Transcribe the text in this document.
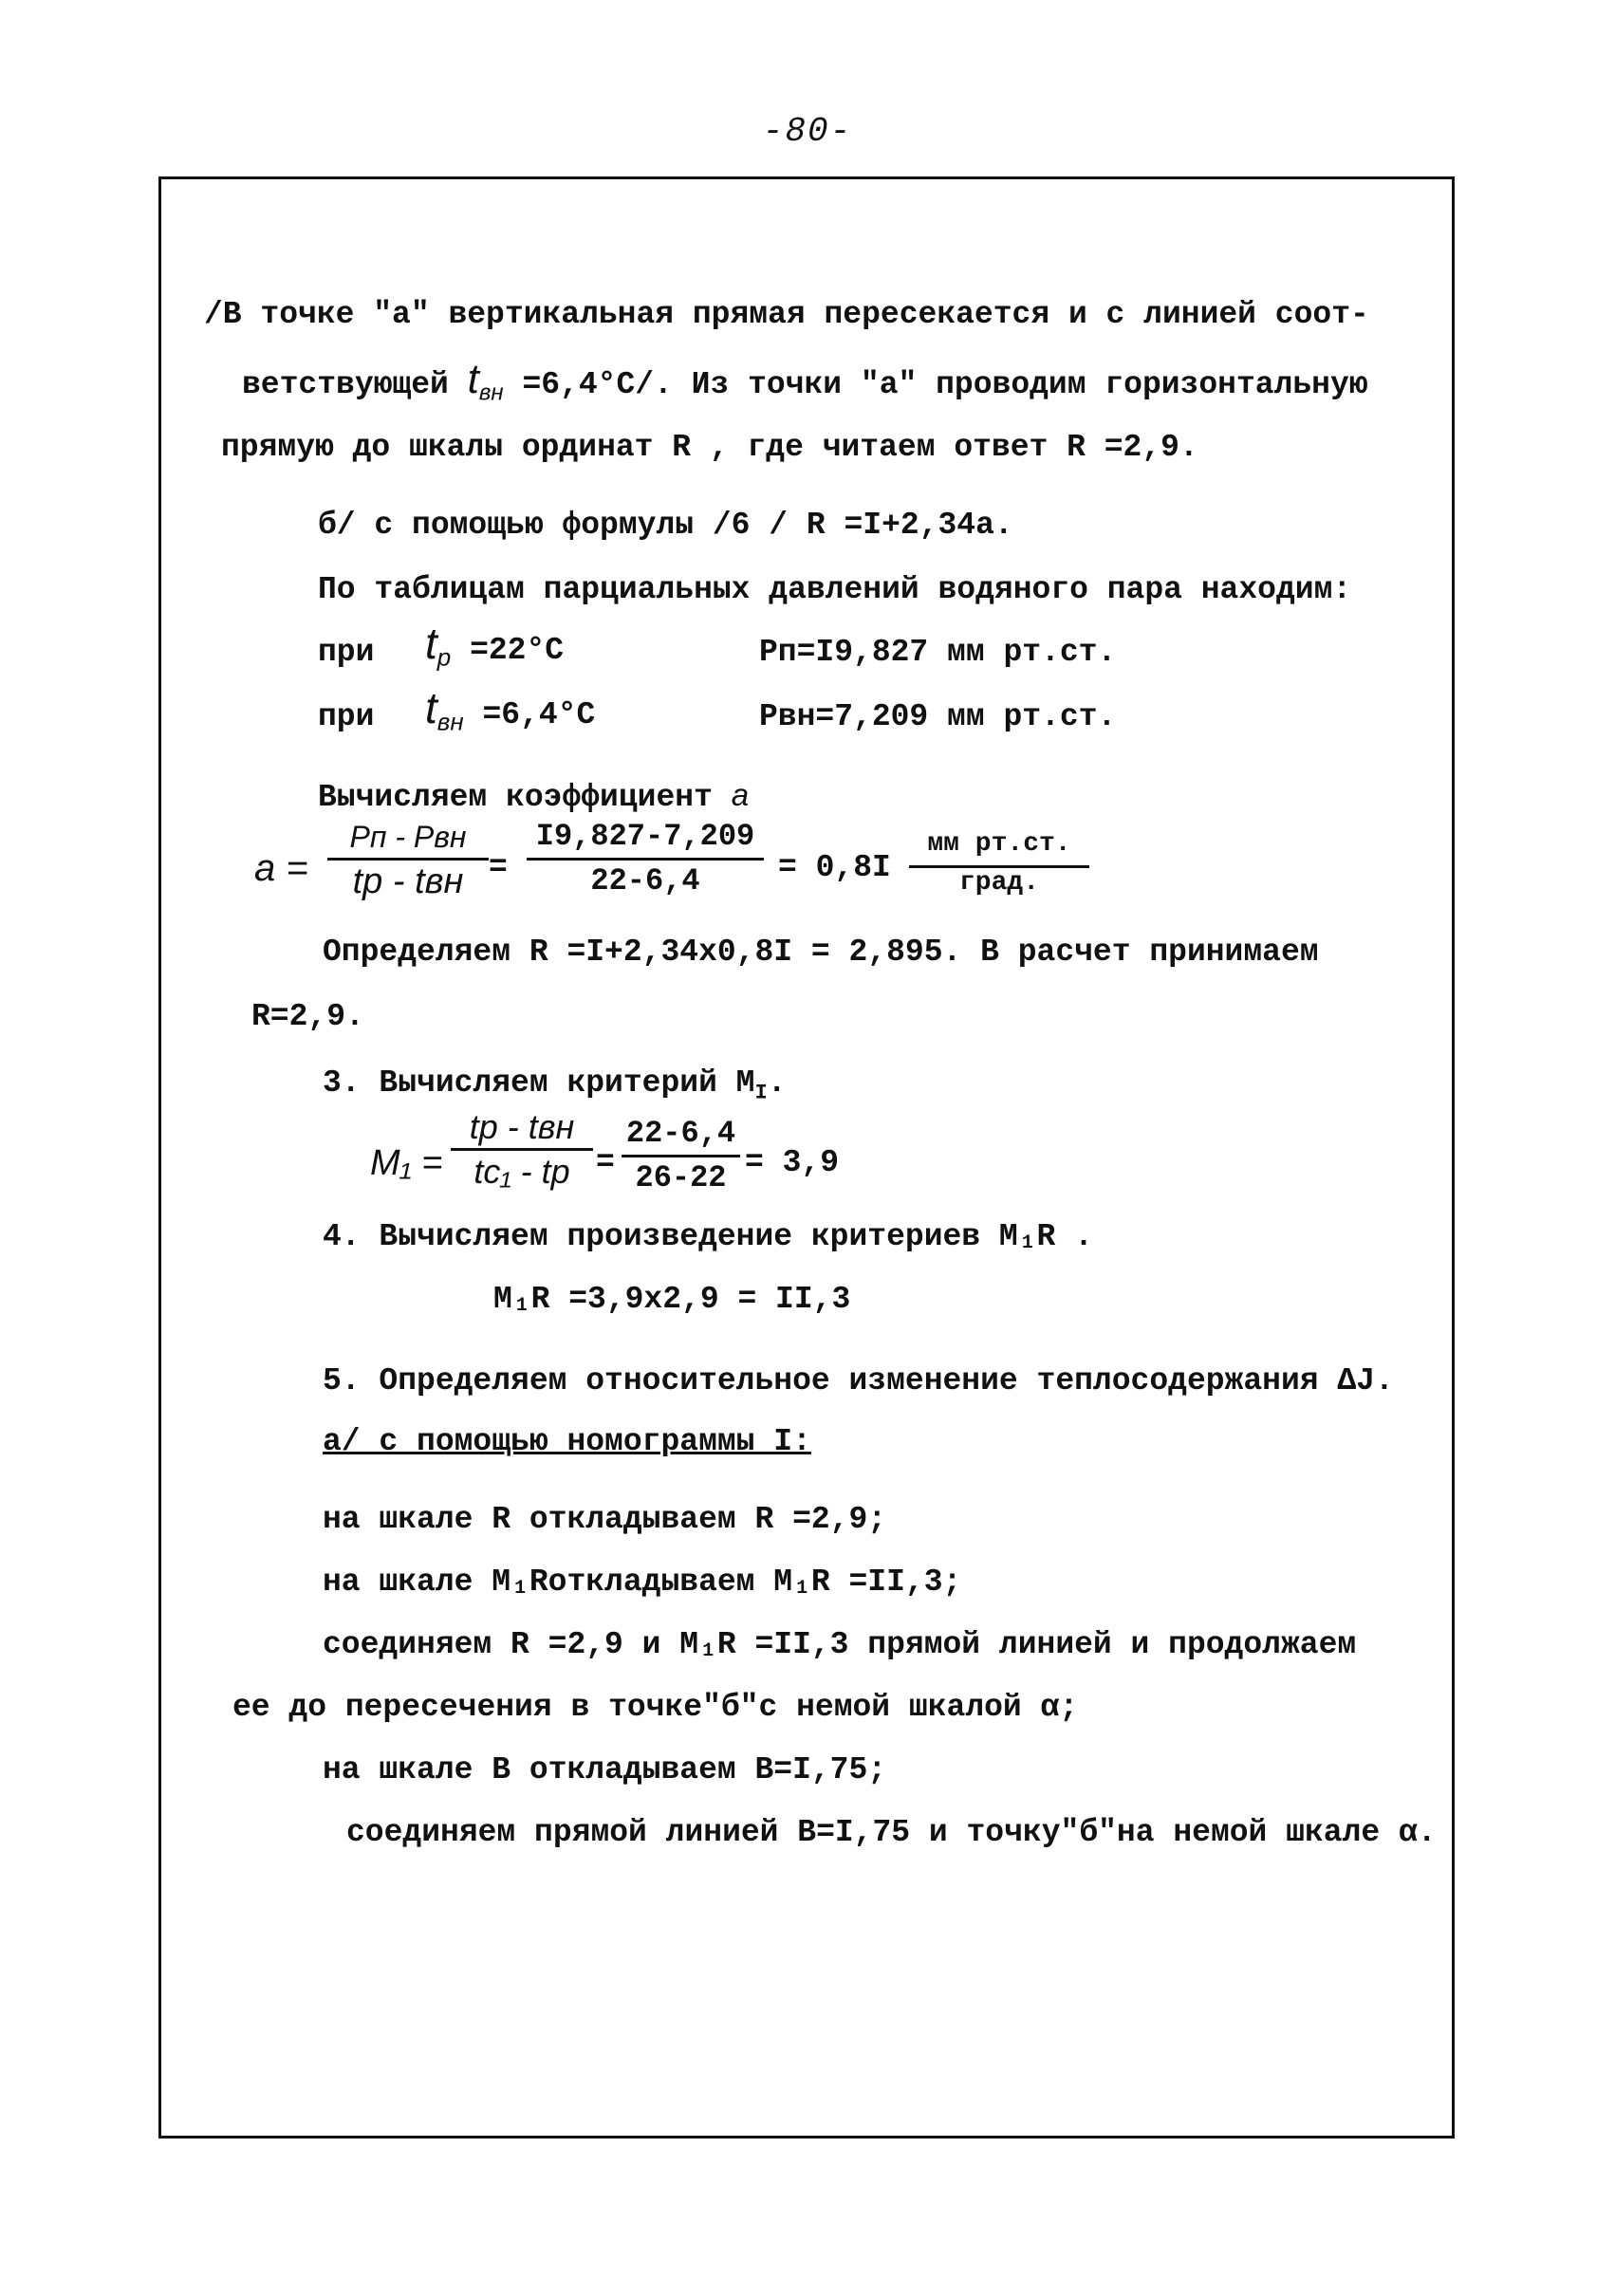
-80-
/В точке "а" вертикальная прямая пересекается и с линией соот-
ветствующей $t_{вн} =6,4^\circ С/$. Из точки "а" проводим горизонтальную
прямую до шкалы ординат R , где читаем ответ R =2,9.
б/ с помощью формулы /6 / R =I+2,34а.
По таблицам парциальных давлений водяного пара находим:
при $t_р =22^\circ С$	Рп=I9,827 мм рт.ст.
при $t_{вн} =6,4^\circ С$	Рвн=7,209 мм рт.ст.
Вычисляем коэффициент а
а =
Pп - Pвн
tр - tвн =
I9,827-7,209
22-6,4	= 0,8I
мм рт.ст.
град.
Определяем R =I+2,34х0,8I = 2,895. В расчет принимаем
R=2,9.
3. Вычисляем критерий $М_I$.
М₁ =
tр - tвн
tс₁ - tр =
22-6,4
26-22 = 3,9
4. Вычисляем произведение критериев М₁R .
М₁R =3,9х2,9 = II,3
5. Определяем относительное изменение теплосодержания ΔJ.
а/ с помощью номограммы I:
на шкале R откладываем R =2,9;
на шкале М₁Rоткладываем М₁R =II,3;
соединяем R =2,9 и М₁R =II,3 прямой линией и продолжаем
ее до пересечения в точке"б"с немой шкалой α;
на шкале В откладываем В=I,75;
соединяем прямой линией В=I,75 и точку"б"на немой шкале α.
